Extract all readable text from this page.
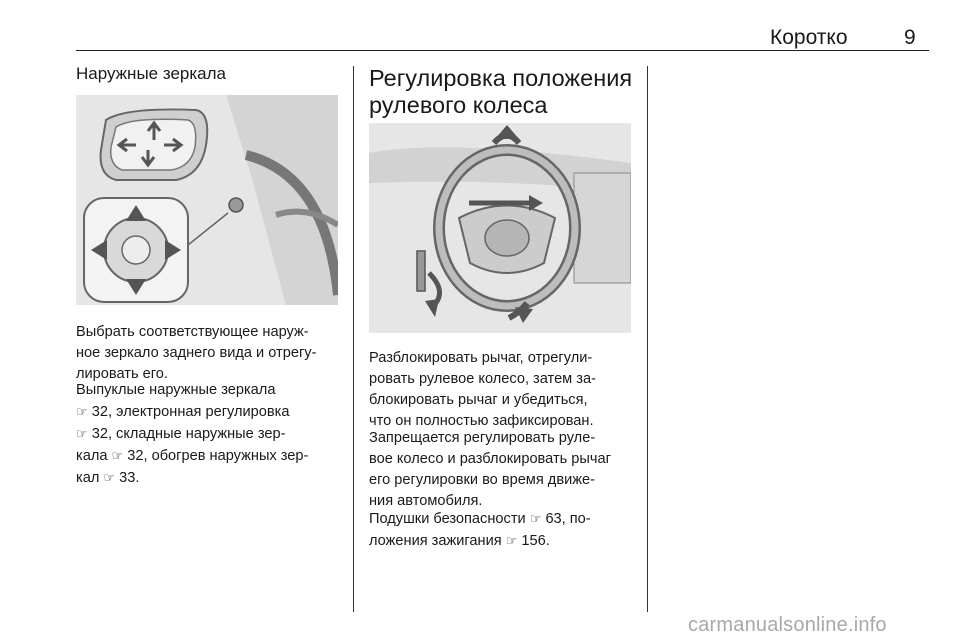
Коротко	9
Наружные зеркала

Выбрать соответствующее наруж-
ное зеркало заднего вида и отрегу-
лировать его.

Выпуклые наружные зеркала
☞ 32, электронная регулировка
☞ 32, складные наружные зер-
кала ☞ 32, обогрев наружных зер-
кал ☞ 33.

Регулировка положения
рулевого колеса

Разблокировать рычаг, отрегули-
ровать рулевое колесо, затем за-
блокировать рычаг и убедиться,
что он полностью зафиксирован.

Запрещается регулировать руле-
вое колесо и разблокировать рычаг
его регулировки во время движе-
ния автомобиля.

Подушки безопасности ☞ 63, по-
ложения зажигания ☞ 156.

carmanualsonline.info
